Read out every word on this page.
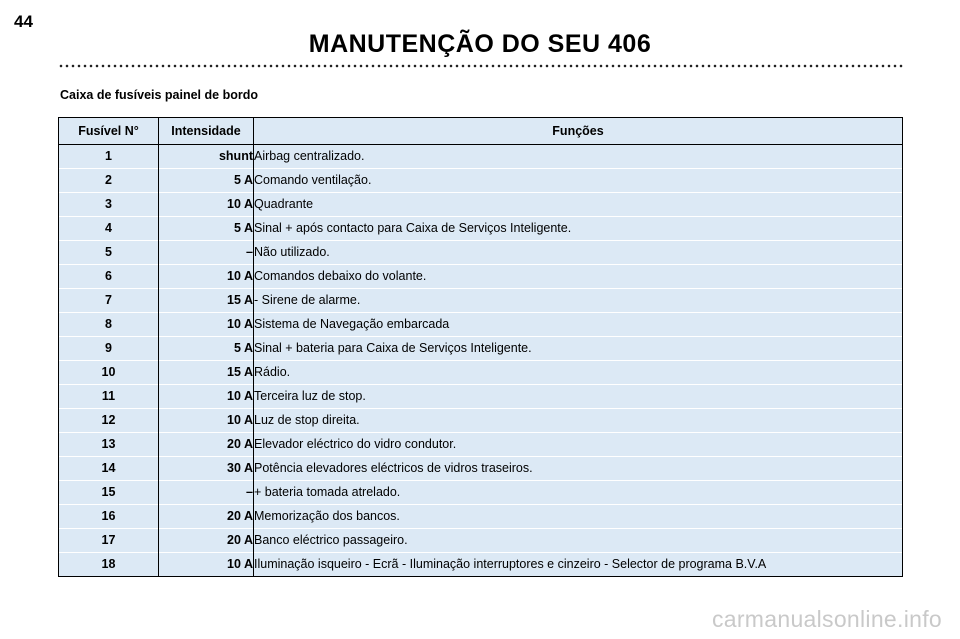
44
MANUTENÇÃO DO SEU 406
Caixa de fusíveis painel de bordo
Fusível N°	Intensidade	Funções
1	shunt	Airbag centralizado.
2	5 A	Comando ventilação.
3	10 A	Quadrante
4	5 A	Sinal + após contacto para Caixa de Serviços Inteligente.
5	–	Não utilizado.
6	10 A	Comandos debaixo do volante.
7	15 A	- Sirene de alarme.
8	10 A	Sistema de Navegação embarcada
9	5 A	Sinal + bateria para Caixa de Serviços Inteligente.
10	15 A	Rádio.
11	10 A	Terceira luz de stop.
12	10 A	Luz de stop direita.
13	20 A	Elevador eléctrico do vidro condutor.
14	30 A	Potência elevadores eléctricos de vidros traseiros.
15	–	+ bateria tomada atrelado.
16	20 A	Memorização dos bancos.
17	20 A	Banco eléctrico passageiro.
18	10 A	Iluminação isqueiro - Ecrã - Iluminação interruptores e cinzeiro - Selector de programa B.V.A
carmanualsonline.info
